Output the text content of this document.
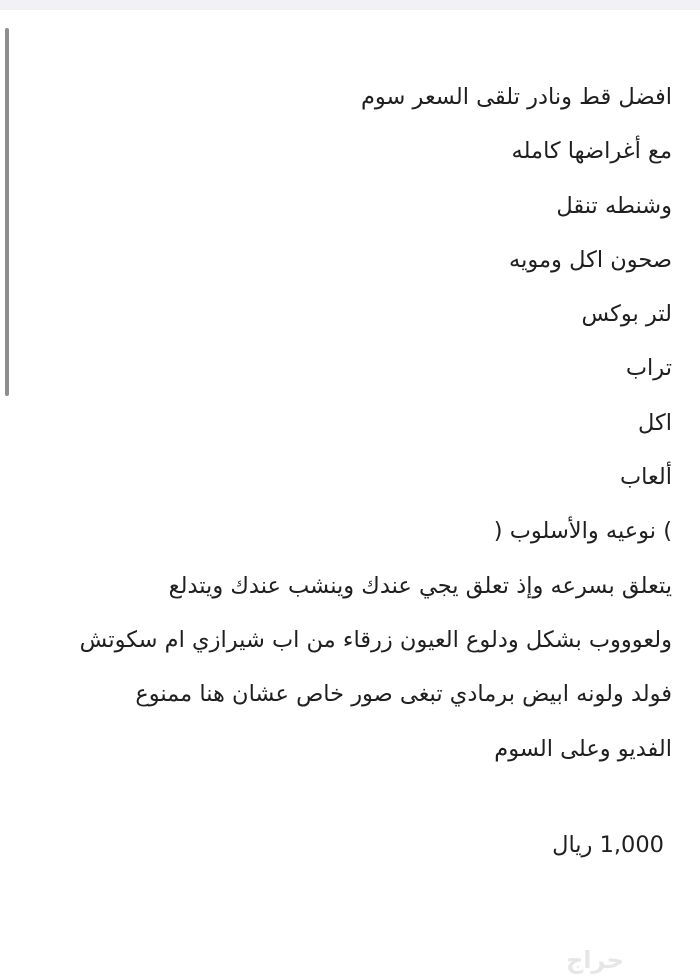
افضل قط ونادر تلقى السعر سوم
مع أغراضها كامله
وشنطه تنقل
صحون اكل ومويه
لتر بوكس
تراب
اكل
ألعاب
) نوعيه والأسلوب (
يتعلق بسرعه وإذ تعلق يجي عندك وينشب عندك ويتدلع
ولعوووب بشكل ودلوع العيون زرقاء من اب شيرازي ام سكوتش
فولد ولونه ابيض برمادي تبغى صور خاص عشان هنا ممنوع
الفديو وعلى السوم
1,000 ريال
حراج
